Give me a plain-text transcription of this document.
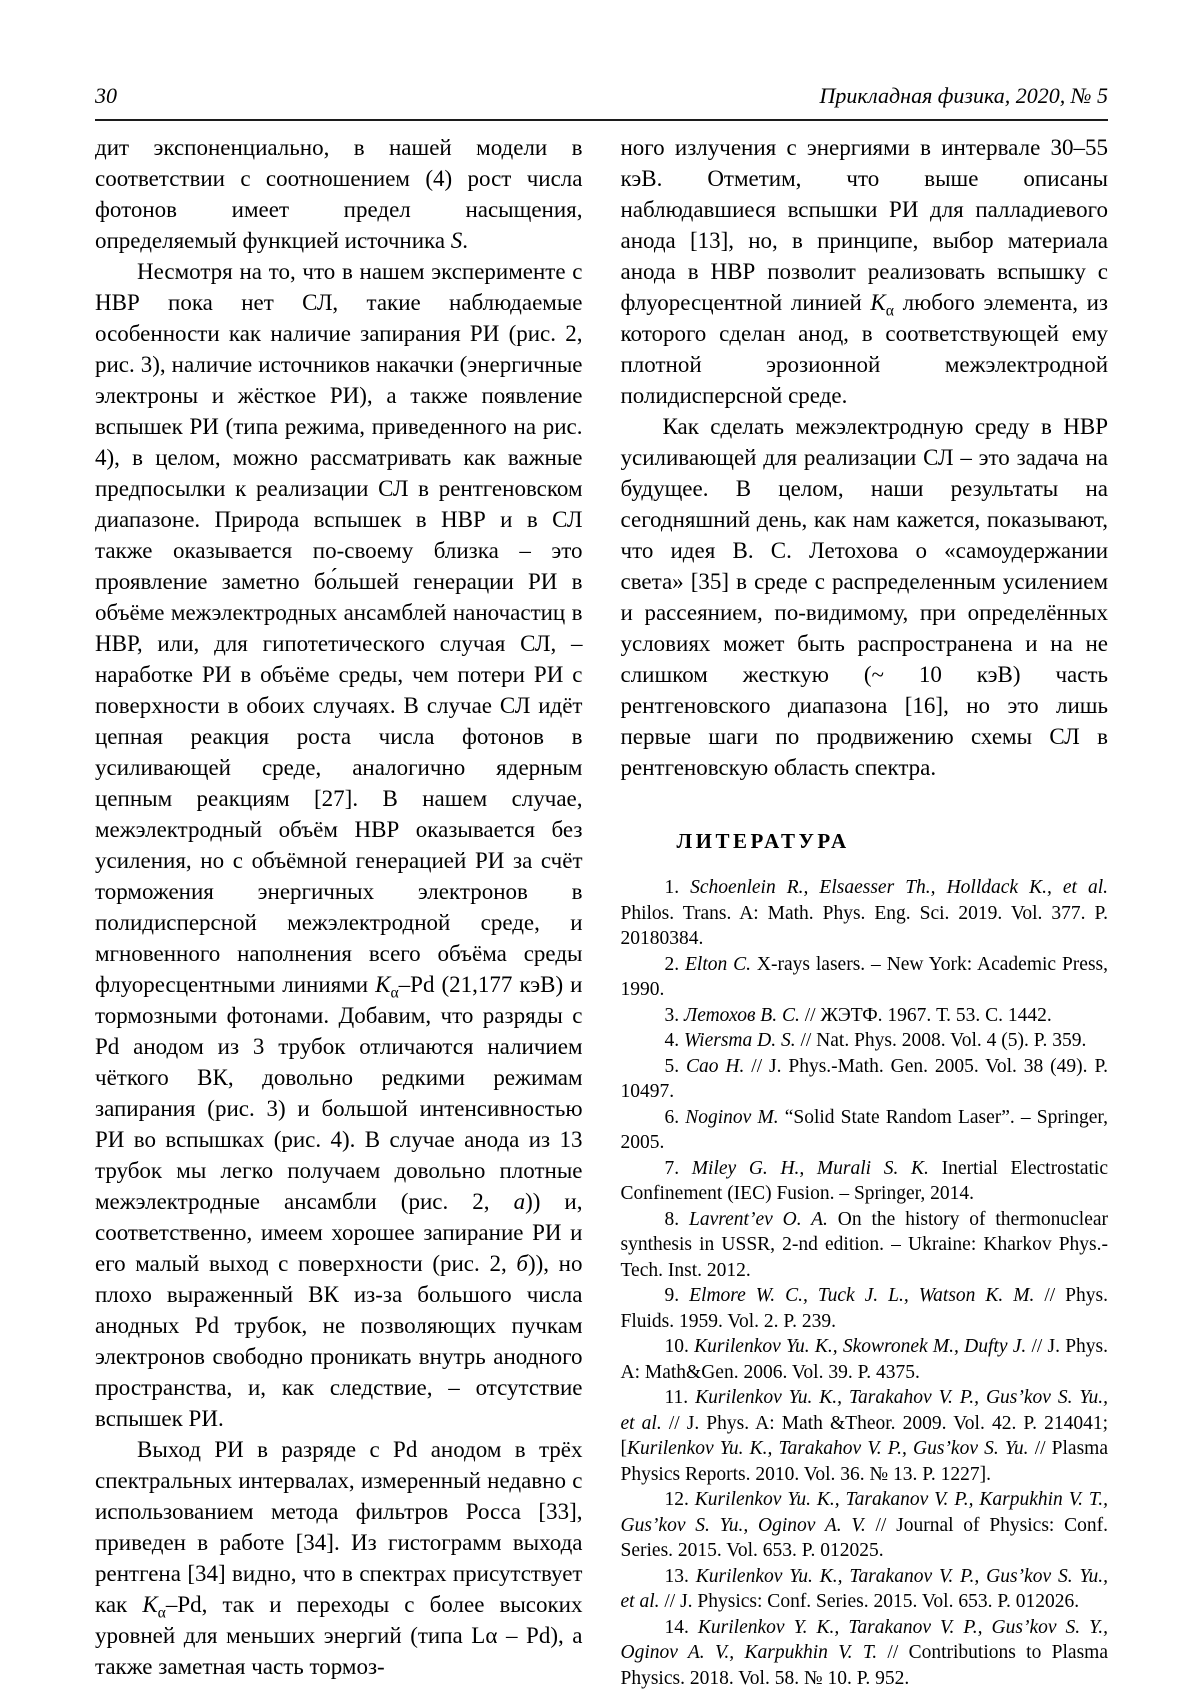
30	Прикладная физика, 2020, № 5

дит экспоненциально, в нашей модели в соответствии с соотношением (4) рост числа фотонов имеет предел насыщения, определяемый функцией источника S.

Несмотря на то, что в нашем эксперименте с НВР пока нет СЛ, такие наблюдаемые особенности как наличие запирания РИ (рис. 2, рис. 3), наличие источников накачки (энергичные электроны и жёсткое РИ), а также появление вспышек РИ (типа режима, приведенного на рис. 4), в целом, можно рассматривать как важные предпосылки к реализации СЛ в рентгеновском диапазоне. Природа вспышек в НВР и в СЛ также оказывается по-своему близка – это проявление заметно бо́льшей генерации РИ в объёме межэлектродных ансамблей наночастиц в НВР, или, для гипотетического случая СЛ, – наработке РИ в объёме среды, чем потери РИ с поверхности в обоих случаях. В случае СЛ идёт цепная реакция роста числа фотонов в усиливающей среде, аналогично ядерным цепным реакциям [27]. В нашем случае, межэлектродный объём НВР оказывается без усиления, но с объёмной генерацией РИ за счёт торможения энергичных электронов в полидисперсной межэлектродной среде, и мгновенного наполнения всего объёма среды флуоресцентными линиями $K_\alpha-Pd$ (21,177 кэВ) и тормозными фотонами. Добавим, что разряды с Pd анодом из 3 трубок отличаются наличием чёткого ВК, довольно редкими режимам запирания (рис. 3) и большой интенсивностью РИ во вспышках (рис. 4). В случае анода из 13 трубок мы легко получаем довольно плотные межэлектродные ансамбли (рис. 2, а)) и, соответственно, имеем хорошее запирание РИ и его малый выход с поверхности (рис. 2, б)), но плохо выраженный ВК из-за большого числа анодных Pd трубок, не позволяющих пучкам электронов свободно проникать внутрь анодного пространства, и, как следствие, – отсутствие вспышек РИ.

Выход РИ в разряде с Pd анодом в трёх спектральных интервалах, измеренный недавно с использованием метода фильтров Росса [33], приведен в работе [34]. Из гистограмм выхода рентгена [34] видно, что в спектрах присутствует как $K_\alpha-Pd$, так и переходы с более высоких уровней для меньших энергий (типа Lα – Pd), а также заметная часть тормоз-

ного излучения с энергиями в интервале 30–55 кэВ. Отметим, что выше описаны наблюдавшиеся вспышки РИ для палладиевого анода [13], но, в принципе, выбор материала анода в НВР позволит реализовать вспышку с флуоресцентной линией $K_\alpha$ любого элемента, из которого сделан анод, в соответствующей ему плотной эрозионной межэлектродной полидисперсной среде.

Как сделать межэлектродную среду в НВР усиливающей для реализации СЛ – это задача на будущее. В целом, наши результаты на сегодняшний день, как нам кажется, показывают, что идея В. С. Летохова о «самоудержании света» [35] в среде с распределенным усилением и рассеянием, по-видимому, при определённых условиях может быть распространена и на не слишком жесткую (~ 10 кэВ) часть рентгеновского диапазона [16], но это лишь первые шаги по продвижению схемы СЛ в рентгеновскую область спектра.

ЛИТЕРАТУРА

1. Schoenlein R., Elsaesser Th., Holldack K., et al. Philos. Trans. A: Math. Phys. Eng. Sci. 2019. Vol. 377. P. 20180384.

2. Elton C. X-rays lasers. – New York: Academic Press, 1990.

3. Летохов В. С. // ЖЭТФ. 1967. Т. 53. С. 1442.

4. Wiersma D. S. // Nat. Phys. 2008. Vol. 4 (5). P. 359.

5. Cao H. // J. Phys.-Math. Gen. 2005. Vol. 38 (49). P. 10497.

6. Noginov M. “Solid State Random Laser”. – Springer, 2005.

7. Miley G. H., Murali S. K. Inertial Electrostatic Confinement (IEC) Fusion. – Springer, 2014.

8. Lavrent’ev O. A. On the history of thermonuclear synthesis in USSR, 2-nd edition. – Ukraine: Kharkov Phys.-Tech. Inst. 2012.

9. Elmore W. C., Tuck J. L., Watson K. M. // Phys. Fluids. 1959. Vol. 2. P. 239.

10. Kurilenkov Yu. K., Skowronek M., Dufty J. // J. Phys. A: Math&Gen. 2006. Vol. 39. P. 4375.

11. Kurilenkov Yu. K., Tarakahov V. P., Gus’kov S. Yu., et al. // J. Phys. A: Math &Theor. 2009. Vol. 42. P. 214041; [Kurilenkov Yu. K., Tarakahov V. P., Gus’kov S. Yu. // Plasma Physics Reports. 2010. Vol. 36. № 13. P. 1227].

12. Kurilenkov Yu. K., Tarakanov V. P., Karpukhin V. T., Gus’kov S. Yu., Oginov A. V. // Journal of Physics: Conf. Series. 2015. Vol. 653. P. 012025.

13. Kurilenkov Yu. K., Tarakanov V. P., Gus’kov S. Yu., et al. // J. Physics: Conf. Series. 2015. Vol. 653. P. 012026.

14. Kurilenkov Y. K., Tarakanov V. P., Gus’kov S. Y., Oginov A. V., Karpukhin V. T. // Contributions to Plasma Physics. 2018. Vol. 58. № 10. P. 952.
